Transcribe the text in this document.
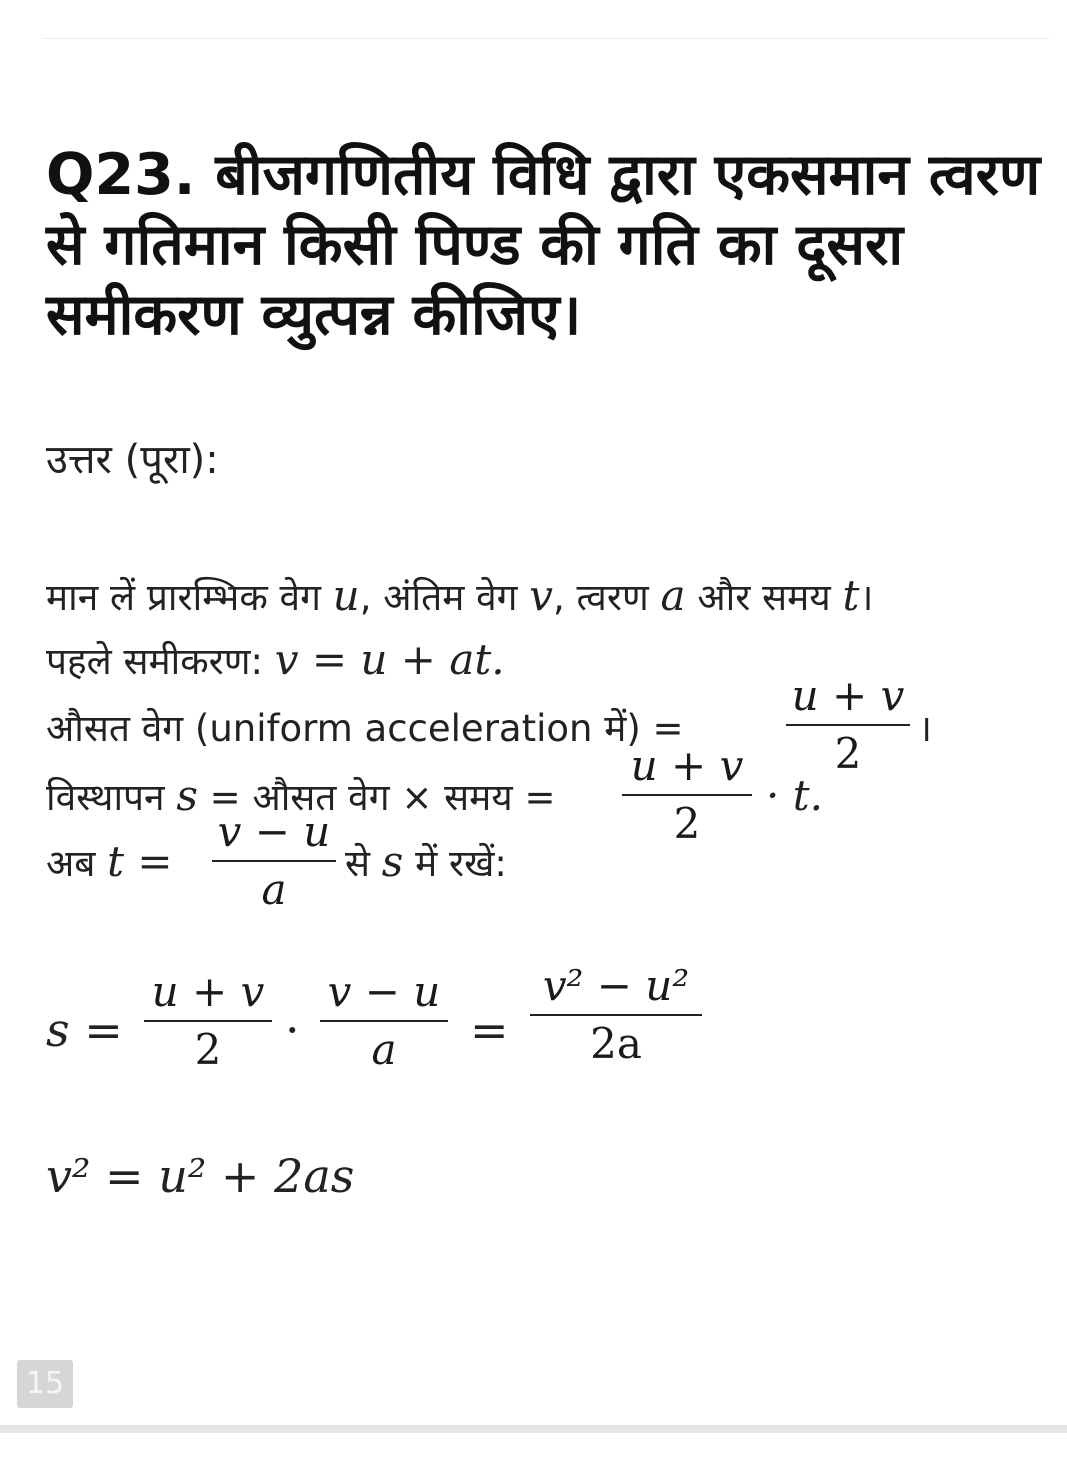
Q23. बीजगणितीय विधि द्वारा एकसमान त्वरण से गतिमान किसी पिण्ड की गति का दूसरा समीकरण व्युत्पन्न कीजिए।
उत्तर (पूरा):
मान लें प्रारम्भिक वेग u, अंतिम वेग v, त्वरण a और समय t।
पहले समीकरण: v = u + at.
औसत वेग (uniform acceleration में) =
u + v
2
।
विस्थापन s = औसत वेग × समय =
u + v
2
· t.
अब t =
v − u
a
से s में रखें:
s =
u + v
2 ·
v − u
a =
v² − u²
2a
v² = u² + 2as
15
